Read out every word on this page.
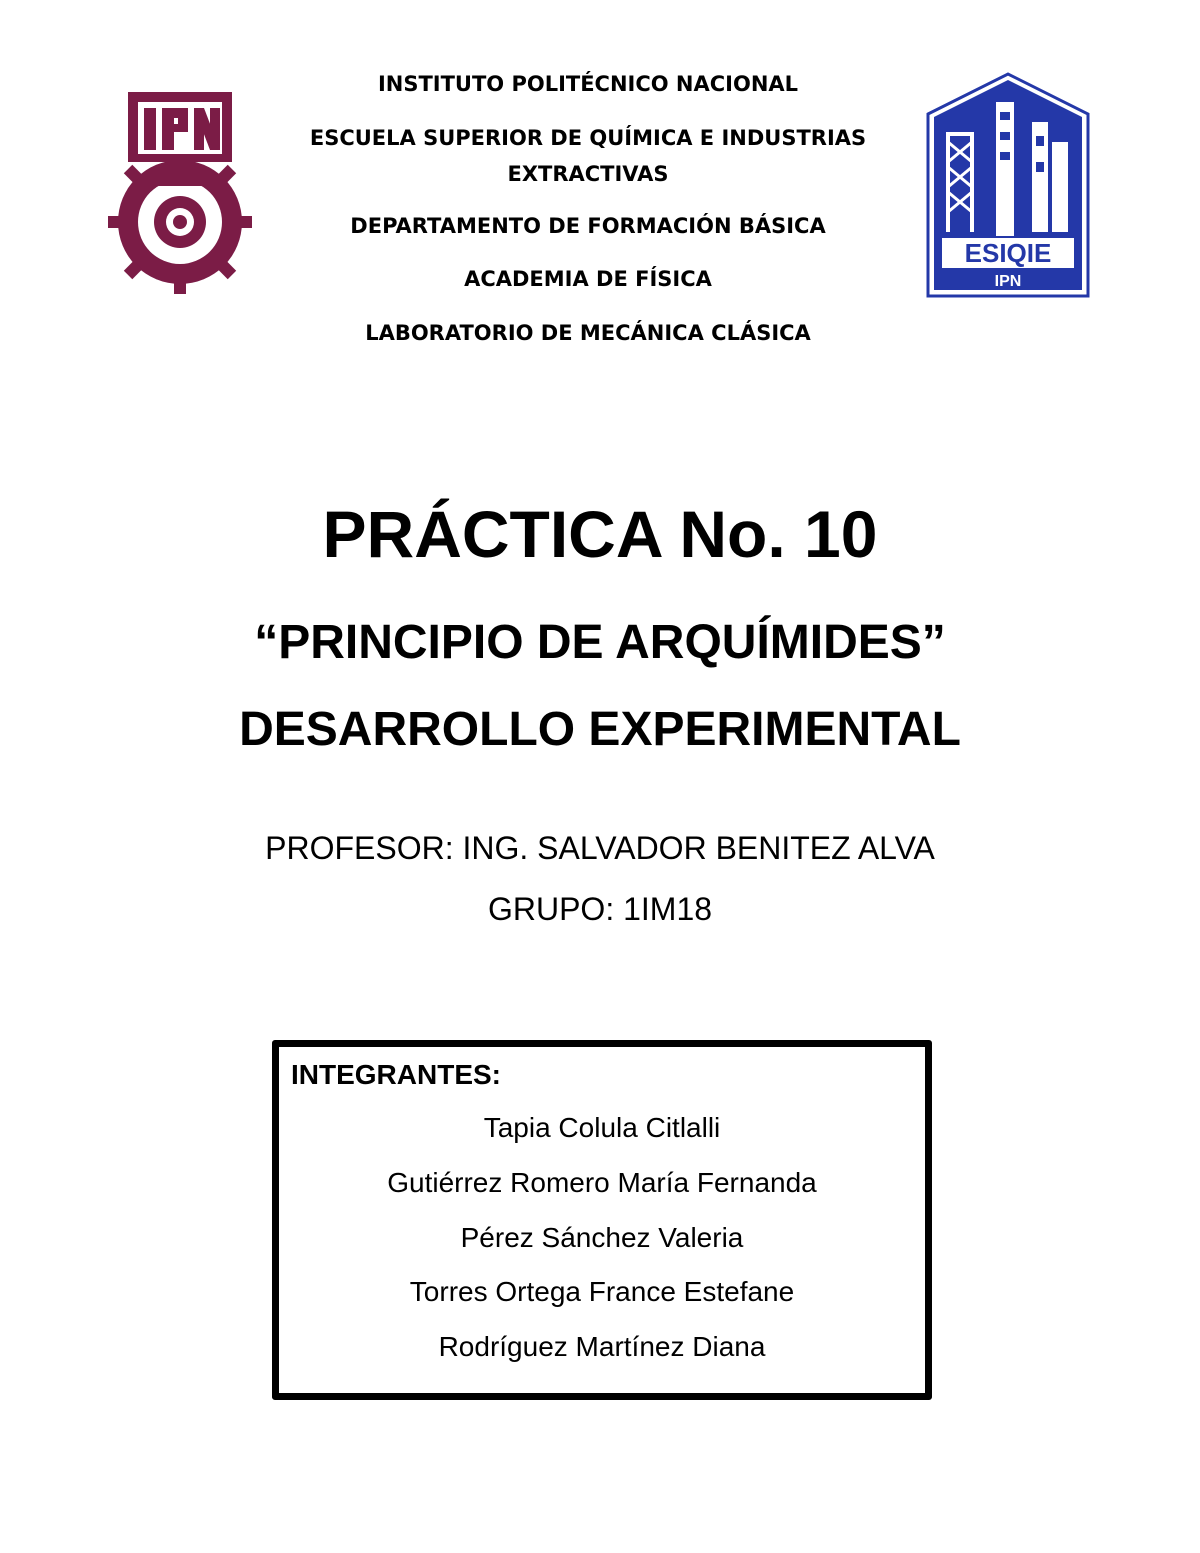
ESIQIE
IPN
INSTITUTO POLITÉCNICO NACIONAL
ESCUELA SUPERIOR DE QUÍMICA E INDUSTRIAS EXTRACTIVAS
DEPARTAMENTO DE FORMACIÓN BÁSICA
ACADEMIA DE FÍSICA
LABORATORIO DE MECÁNICA CLÁSICA
PRÁCTICA No. 10
“PRINCIPIO DE ARQUÍMIDES”
DESARROLLO EXPERIMENTAL
PROFESOR: ING. SALVADOR BENITEZ ALVA
GRUPO: 1IM18
INTEGRANTES:
Tapia Colula Citlalli
Gutiérrez Romero María Fernanda
Pérez Sánchez Valeria
Torres Ortega France Estefane
Rodríguez Martínez Diana
